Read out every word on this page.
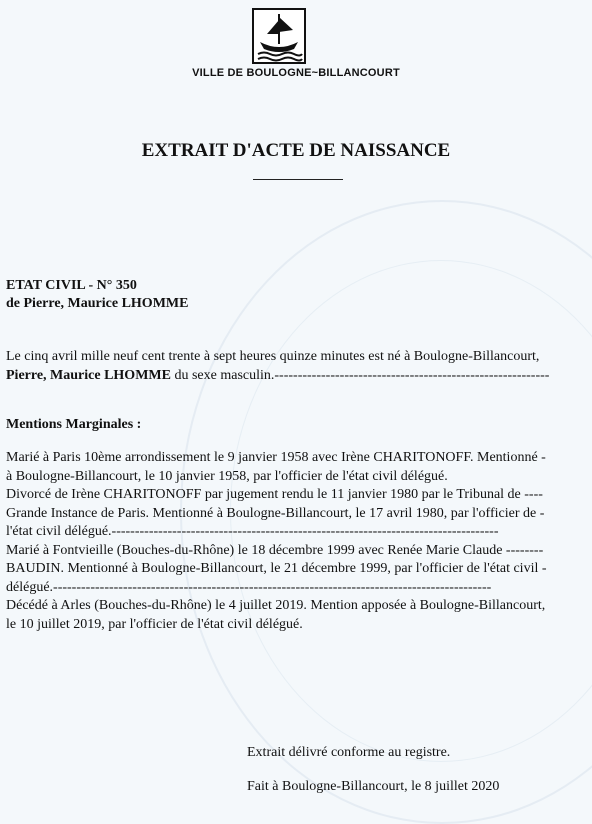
VILLE DE BOULOGNE~BILLANCOURT
EXTRAIT D'ACTE DE NAISSANCE
ETAT CIVIL - N° 350
de Pierre, Maurice LHOMME
Le cinq avril mille neuf cent trente à sept heures quinze minutes est né à Boulogne-Billancourt,
Pierre, Maurice LHOMME du sexe masculin.-----------------------------------------------------------
Mentions Marginales :
Marié à Paris 10ème arrondissement le 9 janvier 1958 avec Irène CHARITONOFF. Mentionné -
à Boulogne-Billancourt, le 10 janvier 1958, par l'officier de l'état civil délégué.
Divorcé de Irène CHARITONOFF par jugement rendu le 11 janvier 1980 par le Tribunal de ----
Grande Instance de Paris. Mentionné à Boulogne-Billancourt, le 17 avril 1980, par l'officier de -
l'état civil délégué.-----------------------------------------------------------------------------------
Marié à Fontvieille (Bouches-du-Rhône) le 18 décembre 1999 avec Renée Marie Claude --------
BAUDIN. Mentionné à Boulogne-Billancourt, le 21 décembre 1999, par l'officier de l'état civil -
délégué.----------------------------------------------------------------------------------------------
Décédé à Arles (Bouches-du-Rhône) le 4 juillet 2019. Mention apposée à Boulogne-Billancourt,
le 10 juillet 2019, par l'officier de l'état civil délégué.
Extrait délivré conforme au registre.
Fait à Boulogne-Billancourt, le 8 juillet 2020
